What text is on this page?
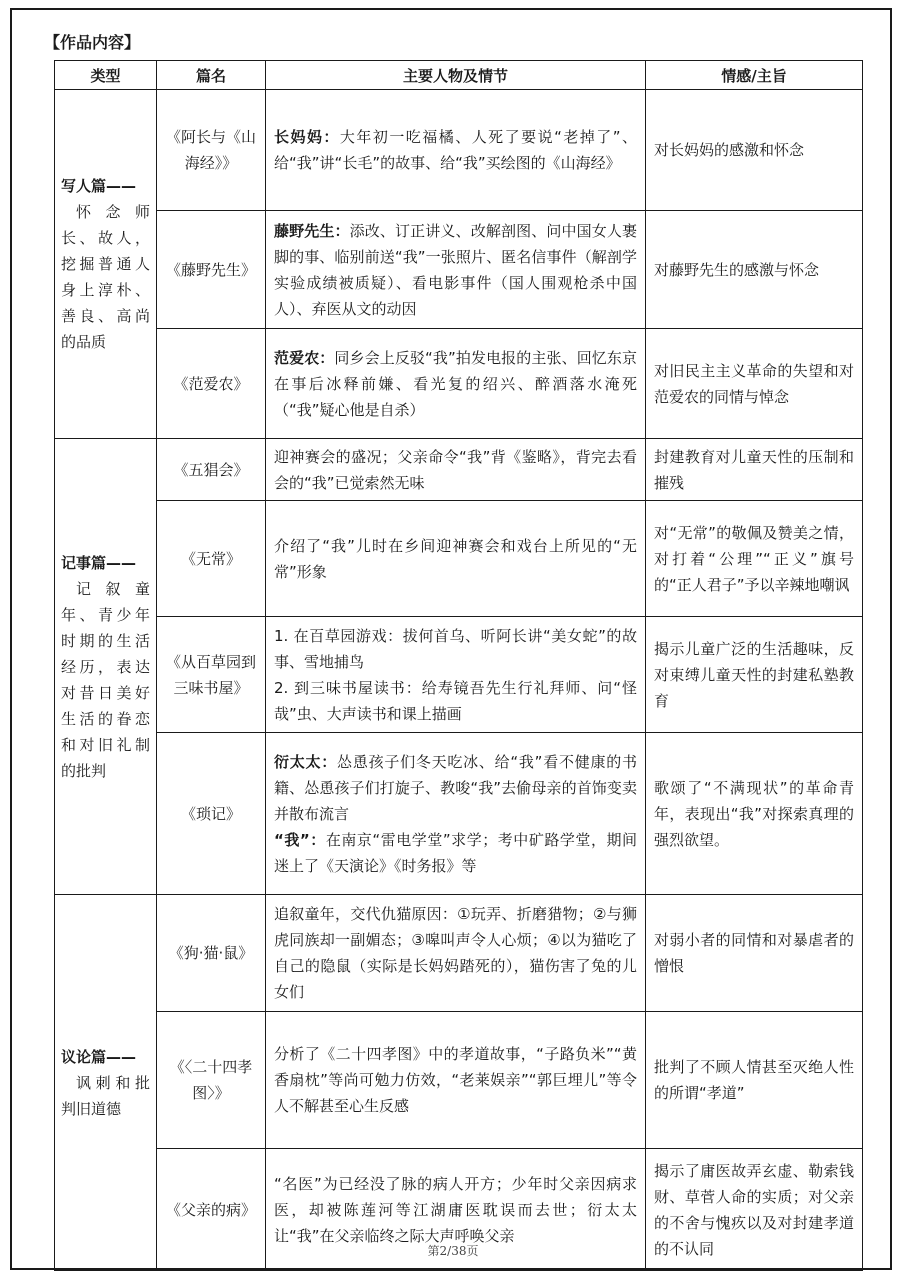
【作品内容】
类型	篇名	主要人物及情节	情感/主旨

写人篇——
怀念师长、故人，挖掘普通人身上淳朴、善良、高尚的品质	《阿长与《山海经》》	长妈妈：大年初一吃福橘、人死了要说“老掉了”、给“我”讲“长毛”的故事、给“我”买绘图的《山海经》	对长妈妈的感激和怀念
	《藤野先生》	藤野先生：添改、订正讲义、改解剖图、问中国女人裹脚的事、临别前送“我”一张照片、匿名信事件（解剖学实验成绩被质疑）、看电影事件（国人围观枪杀中国人）、弃医从文的动因	对藤野先生的感激与怀念
	《范爱农》	范爱农：同乡会上反驳“我”拍发电报的主张、回忆东京在事后冰释前嫌、看光复的绍兴、醉酒落水淹死（“我”疑心他是自杀）	对旧民主主义革命的失望和对范爱农的同情与悼念

记事篇——
记叙童年、青少年时期的生活经历，表达对昔日美好生活的眷恋和对旧礼制的批判	《五猖会》	迎神赛会的盛况；父亲命令“我”背《鉴略》，背完去看会的“我”已觉索然无味	封建教育对儿童天性的压制和摧残
	《无常》	介绍了“我”儿时在乡间迎神赛会和戏台上所见的“无常”形象	对“无常”的敬佩及赞美之情，对打着“公理”“正义”旗号的“正人君子”予以辛辣地嘲讽
	《从百草园到三味书屋》	1. 在百草园游戏：拔何首乌、听阿长讲“美女蛇”的故事、雪地捕鸟
2. 到三味书屋读书：给寿镜吾先生行礼拜师、问“怪哉”虫、大声读书和课上描画	揭示儿童广泛的生活趣味，反对束缚儿童天性的封建私塾教育
	《琐记》	衍太太：怂恿孩子们冬天吃冰、给“我”看不健康的书籍、怂恿孩子们打旋子、教唆“我”去偷母亲的首饰变卖并散布流言
“我”：在南京“雷电学堂”求学；考中矿路学堂，期间迷上了《天演论》《时务报》等	歌颂了“不满现状”的革命青年，表现出“我”对探索真理的强烈欲望。

议论篇——
讽刺和批判旧道德	《狗·猫·鼠》	追叙童年，交代仇猫原因：①玩弄、折磨猎物；②与狮虎同族却一副媚态；③嗥叫声令人心烦；④以为猫吃了自己的隐鼠（实际是长妈妈踏死的），猫伤害了兔的儿女们	对弱小者的同情和对暴虐者的憎恨
	《〈二十四孝图〉》	分析了《二十四孝图》中的孝道故事，“子路负米”“黄香扇枕”等尚可勉力仿效，“老莱娱亲”“郭巨埋儿”等令人不解甚至心生反感	批判了不顾人情甚至灭绝人性的所谓“孝道”
	《父亲的病》	“名医”为已经没了脉的病人开方；少年时父亲因病求医，却被陈莲河等江湖庸医耽误而去世；衍太太让“我”在父亲临终之际大声呼唤父亲	揭示了庸医故弄玄虚、勒索钱财、草菅人命的实质；对父亲的不舍与愧疚以及对封建孝道的不认同
第2/38页
